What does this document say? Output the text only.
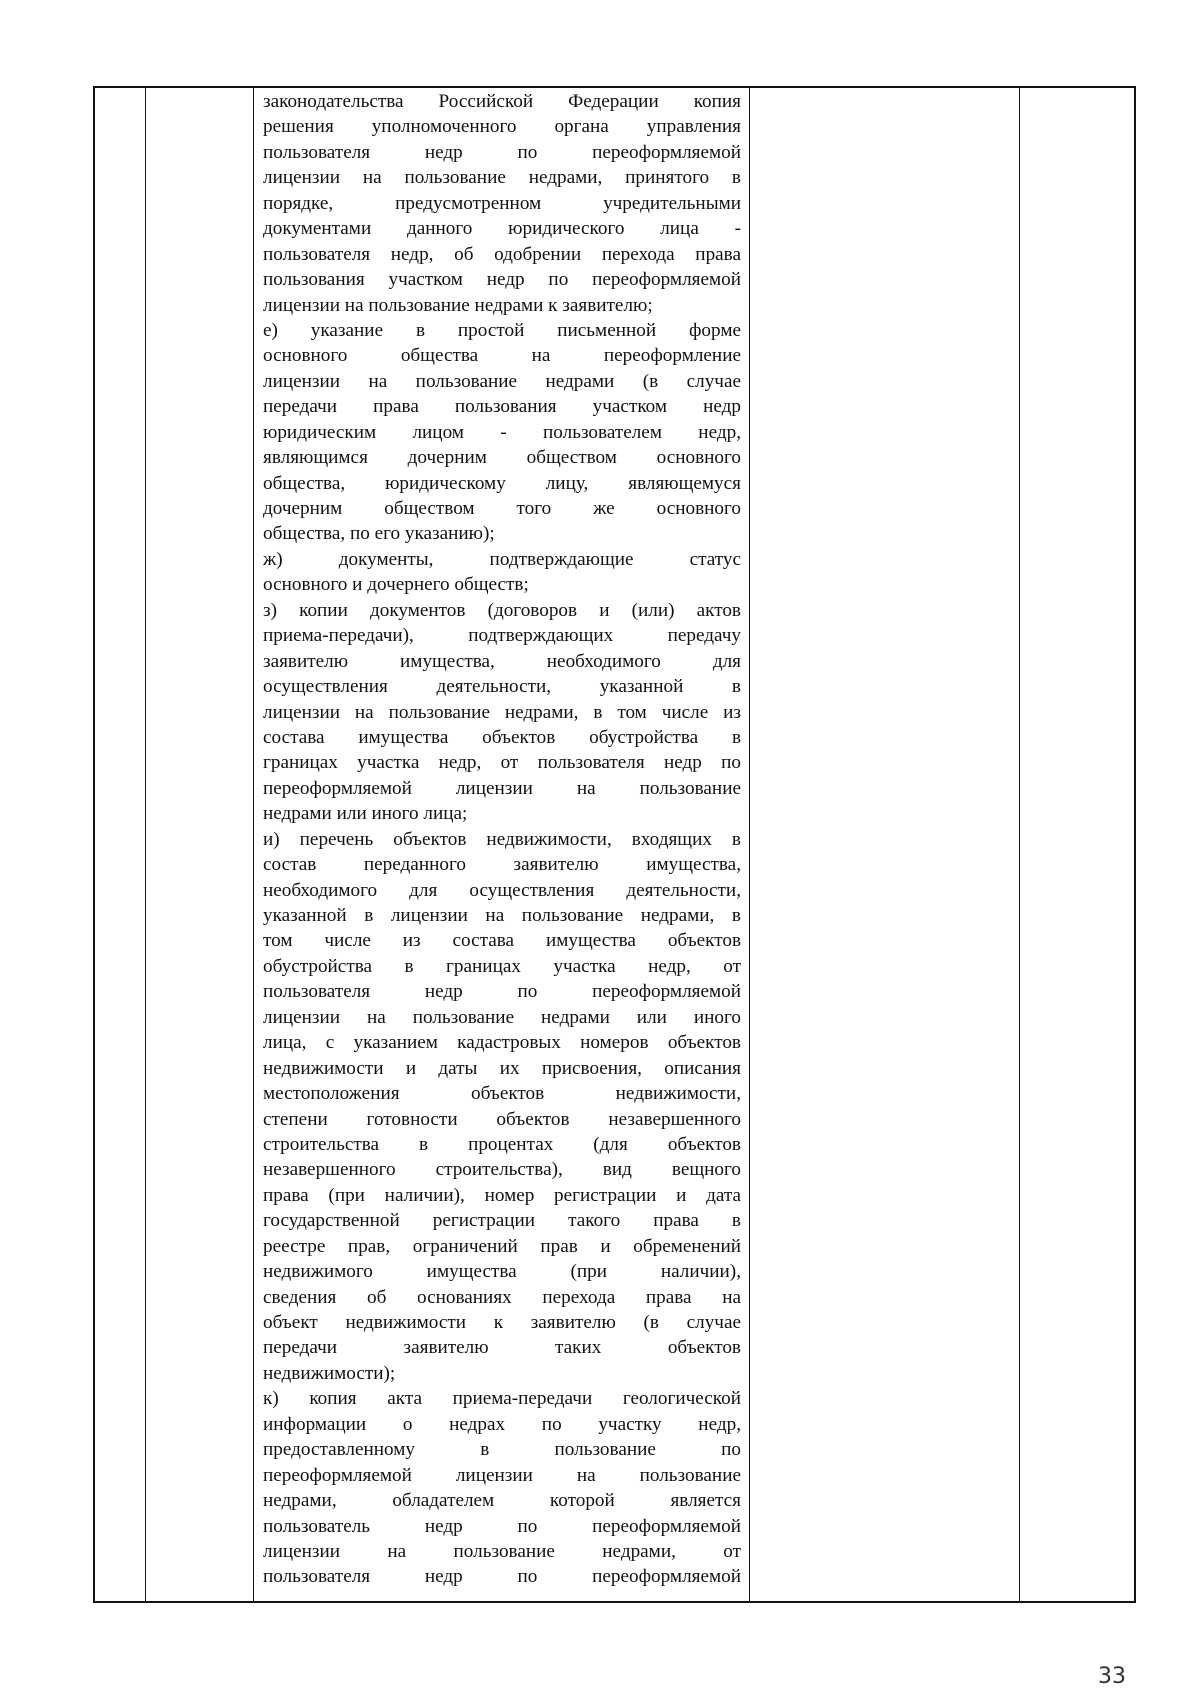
законодательства Российской Федерации копия
решения уполномоченного органа управления
пользователя недр по переоформляемой
лицензии на пользование недрами, принятого в
порядке, предусмотренном учредительными
документами данного юридического лица -
пользователя недр, об одобрении перехода права
пользования участком недр по переоформляемой
лицензии на пользование недрами к заявителю;
е) указание в простой письменной форме
основного общества на переоформление
лицензии на пользование недрами (в случае
передачи права пользования участком недр
юридическим лицом - пользователем недр,
являющимся дочерним обществом основного
общества, юридическому лицу, являющемуся
дочерним обществом того же основного
общества, по его указанию);
ж) документы, подтверждающие статус
основного и дочернего обществ;
з) копии документов (договоров и (или) актов
приема-передачи), подтверждающих передачу
заявителю имущества, необходимого для
осуществления деятельности, указанной в
лицензии на пользование недрами, в том числе из
состава имущества объектов обустройства в
границах участка недр, от пользователя недр по
переоформляемой лицензии на пользование
недрами или иного лица;
и) перечень объектов недвижимости, входящих в
состав переданного заявителю имущества,
необходимого для осуществления деятельности,
указанной в лицензии на пользование недрами, в
том числе из состава имущества объектов
обустройства в границах участка недр, от
пользователя недр по переоформляемой
лицензии на пользование недрами или иного
лица, с указанием кадастровых номеров объектов
недвижимости и даты их присвоения, описания
местоположения объектов недвижимости,
степени готовности объектов незавершенного
строительства в процентах (для объектов
незавершенного строительства), вид вещного
права (при наличии), номер регистрации и дата
государственной регистрации такого права в
реестре прав, ограничений прав и обременений
недвижимого имущества (при наличии),
сведения об основаниях перехода права на
объект недвижимости к заявителю (в случае
передачи заявителю таких объектов
недвижимости);
к) копия акта приема-передачи геологической
информации о недрах по участку недр,
предоставленному в пользование по
переоформляемой лицензии на пользование
недрами, обладателем которой является
пользователь недр по переоформляемой
лицензии на пользование недрами, от
пользователя недр по переоформляемой
33
